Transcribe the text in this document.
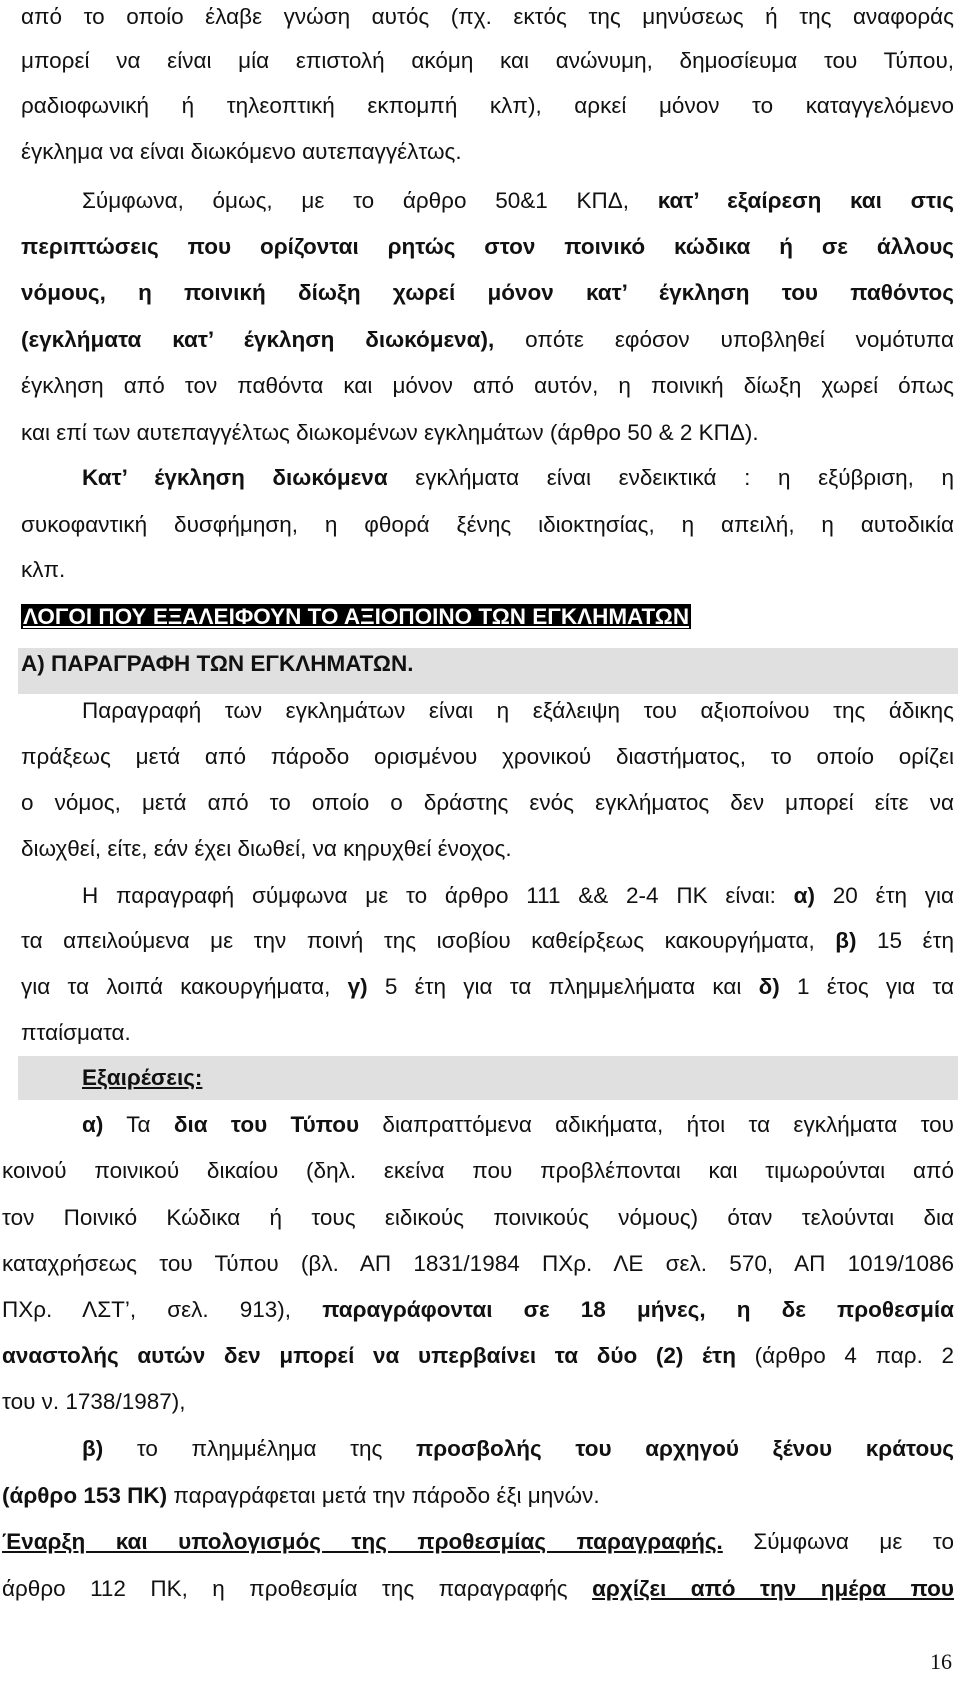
από το οποίο έλαβε γνώση αυτός (πχ. εκτός της μηνύσεως ή της αναφοράς
μπορεί να είναι μία επιστολή ακόμη και ανώνυμη, δημοσίευμα του Τύπου,
ραδιοφωνική ή τηλεοπτική εκπομπή κλπ), αρκεί μόνον το καταγγελόμενο
έγκλημα να είναι διωκόμενο αυτεπαγγέλτως.
Σύμφωνα, όμως, με το άρθρο 50&1 ΚΠΔ, κατ’ εξαίρεση και στις
περιπτώσεις που ορίζονται ρητώς στον ποινικό κώδικα ή σε άλλους
νόμους, η ποινική δίωξη χωρεί μόνον κατ’ έγκληση του παθόντος
(εγκλήματα κατ’ έγκληση διωκόμενα), οπότε εφόσον υποβληθεί νομότυπα
έγκληση από τον παθόντα και μόνον από αυτόν, η ποινική δίωξη χωρεί όπως
και επί των αυτεπαγγέλτως διωκομένων εγκλημάτων (άρθρο 50 & 2 ΚΠΔ).
Κατ’ έγκληση διωκόμενα εγκλήματα είναι ενδεικτικά : η εξύβριση, η
συκοφαντική δυσφήμηση, η φθορά ξένης ιδιοκτησίας, η απειλή, η αυτοδικία
κλπ.
ΛΟΓΟΙ ΠΟΥ ΕΞΑΛΕΙΦΟΥΝ ΤΟ ΑΞΙΟΠΟΙΝΟ ΤΩΝ ΕΓΚΛΗΜΑΤΩΝ
Α) ΠΑΡΑΓΡΑΦΗ ΤΩΝ ΕΓΚΛΗΜΑΤΩΝ.
Παραγραφή των εγκλημάτων είναι η εξάλειψη του αξιοποίνου της άδικης
πράξεως μετά από πάροδο ορισμένου χρονικού διαστήματος, το οποίο ορίζει
ο νόμος, μετά από το οποίο ο δράστης ενός εγκλήματος δεν μπορεί είτε να
διωχθεί, είτε, εάν έχει διωθεί, να κηρυχθεί ένοχος.
Η παραγραφή σύμφωνα με το άρθρο 111 && 2-4 ΠΚ είναι: α) 20 έτη για
τα απειλούμενα με την ποινή της ισοβίου καθείρξεως κακουργήματα, β) 15 έτη
για τα λοιπά κακουργήματα, γ) 5 έτη για τα πλημμελήματα και δ) 1 έτος για τα
πταίσματα.
Εξαιρέσεις:
α) Τα δια του Τύπου διαπραττόμενα αδικήματα, ήτοι τα εγκλήματα του
κοινού ποινικού δικαίου (δηλ. εκείνα που προβλέπονται και τιμωρούνται από
τον Ποινικό Κώδικα ή τους ειδικούς ποινικούς νόμους) όταν τελούνται δια
καταχρήσεως του Τύπου (βλ. ΑΠ 1831/1984 ΠΧρ. ΛΕ σελ. 570, ΑΠ 1019/1086
ΠΧρ. ΛΣΤ’, σελ. 913), παραγράφονται σε 18 μήνες, η δε προθεσμία
αναστολής αυτών δεν μπορεί να υπερβαίνει τα δύο (2) έτη (άρθρο 4 παρ. 2
του ν. 1738/1987),
β) το πλημμέλημα της προσβολής του αρχηγού ξένου κράτους
(άρθρο 153 ΠΚ) παραγράφεται μετά την πάροδο έξι μηνών.
Έναρξη και υπολογισμός της προθεσμίας παραγραφής. Σύμφωνα με το
άρθρο 112 ΠΚ, η προθεσμία της παραγραφής αρχίζει από την ημέρα που
16
